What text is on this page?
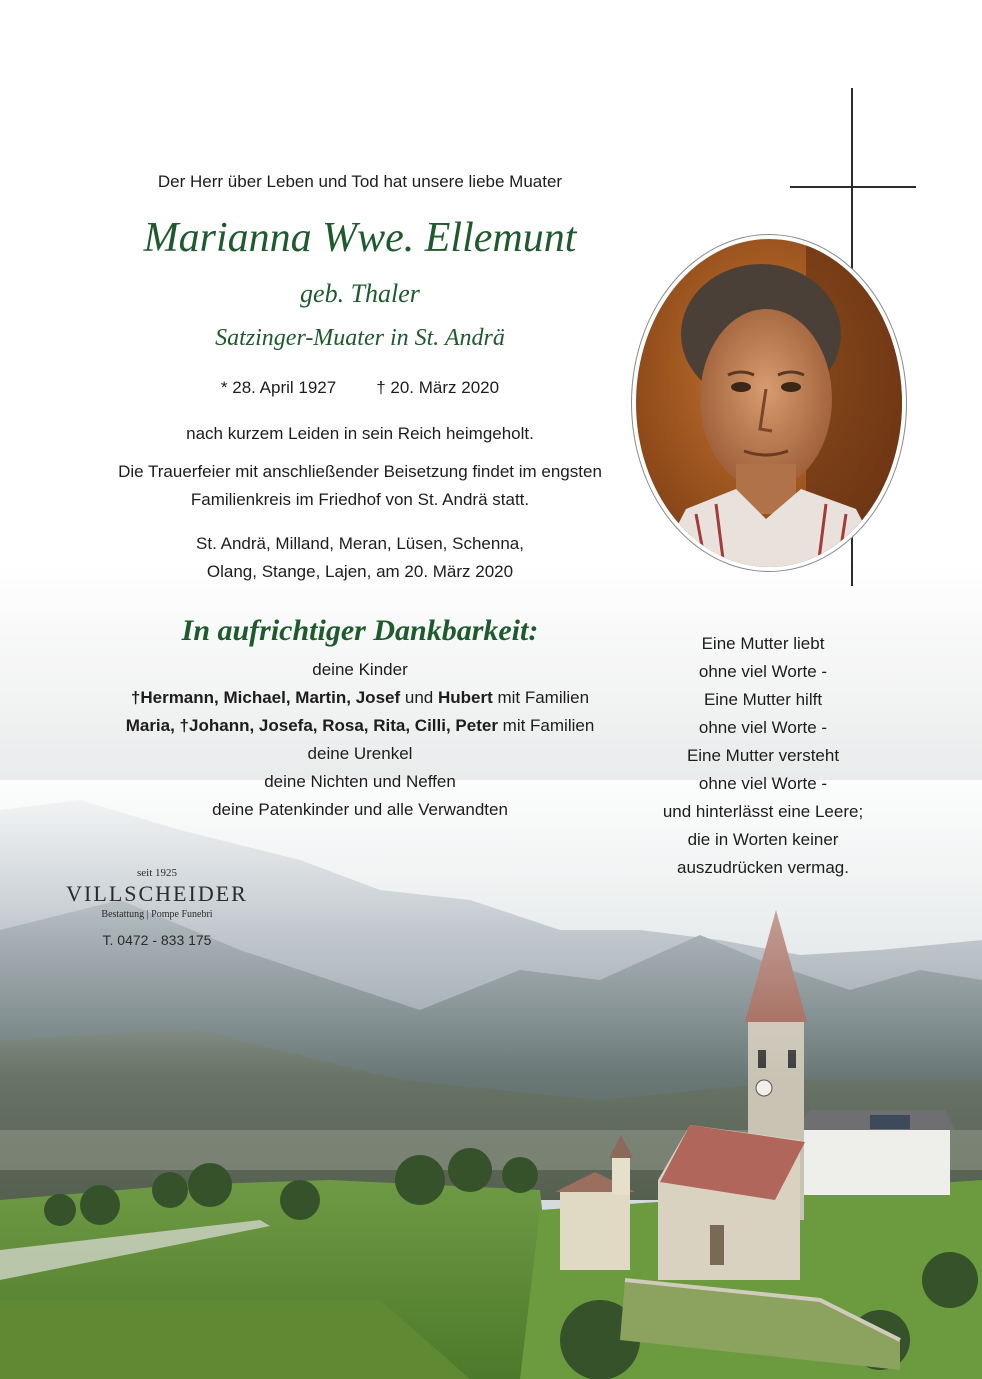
Der Herr über Leben und Tod hat unsere liebe Muater

Marianna Wwe. Ellemunt

geb. Thaler

Satzinger-Muater in St. Andrä

* 28. April 1927 † 20. März 2020

nach kurzem Leiden in sein Reich heimgeholt.

Die Trauerfeier mit anschließender Beisetzung findet im engsten

Familienkreis im Friedhof von St. Andrä statt.

St. Andrä, Milland, Meran, Lüsen, Schenna,

Olang, Stange, Lajen, am 20. März 2020

In aufrichtiger Dankbarkeit:

deine Kinder

†Hermann, Michael, Martin, Josef und Hubert mit Familien

Maria, †Johann, Josefa, Rosa, Rita, Cilli, Peter mit Familien

deine Urenkel

deine Nichten und Neffen

deine Patenkinder und alle Verwandten

Eine Mutter liebt

ohne viel Worte -

Eine Mutter hilft

ohne viel Worte -

Eine Mutter versteht

ohne viel Worte -

und hinterlässt eine Leere;

die in Worten keiner

auszudrücken vermag.

seit 1925
VILLSCHEIDER
Bestattung | Pompe Funebri
T. 0472 - 833 175
